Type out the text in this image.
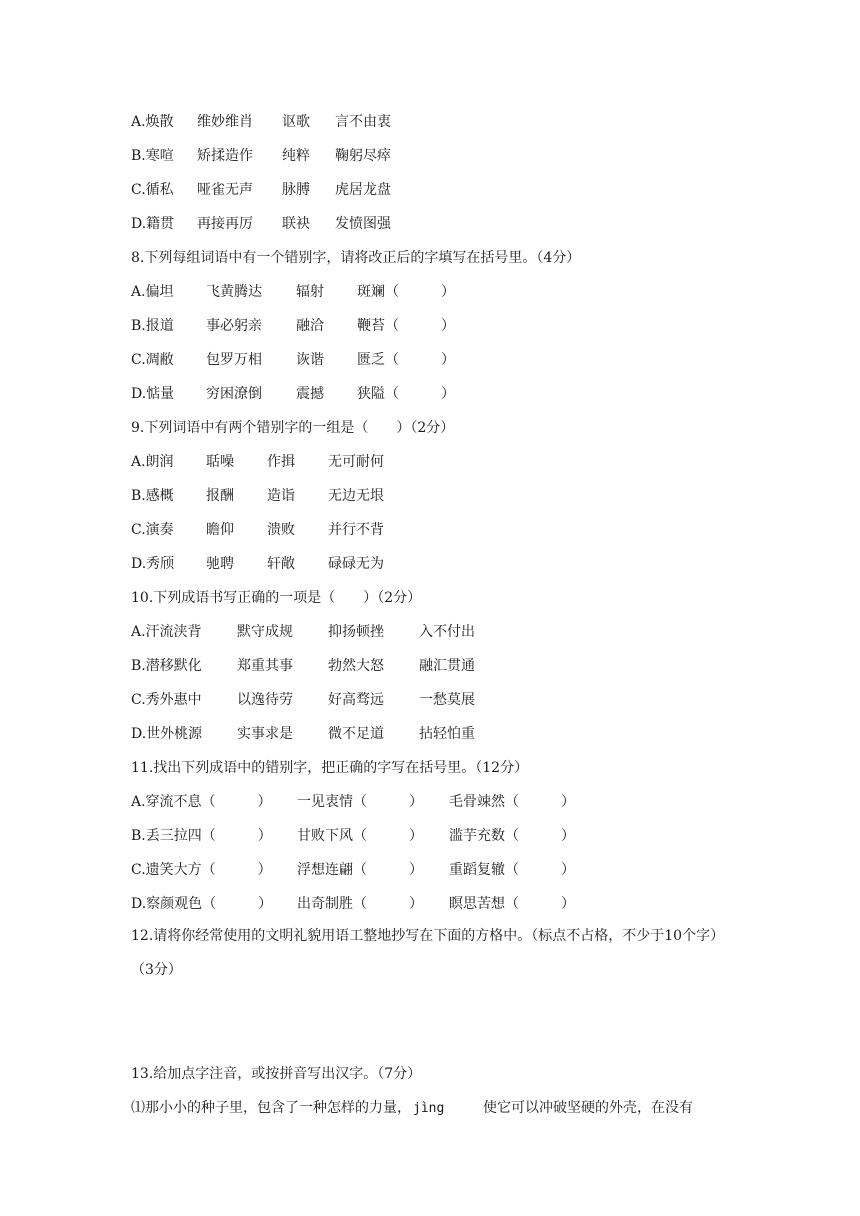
A.焕散 维妙维肖 讴歌 言不由衷
B.寒喧 矫揉造作 纯粹 鞠躬尽瘁
C.循私 哑雀无声 脉膊 虎居龙盘
D.籍贯 再接再厉 联袂 发愤图强
8.下列每组词语中有一个错别字，请将改正后的字填写在括号里。（4分）
A.偏坦 飞黄腾达 辐射 斑斓（　　　）
B.报道 事必躬亲 融洽 鞭苔（　　　）
C.凋敝 包罗万相 诙谐 匮乏（　　　）
D.惦量 穷困潦倒 震撼 狭隘（　　　）
9.下列词语中有两个错别字的一组是（　　）（2分）
A.朗润 聒噪 作揖 无可耐何
B.感概 报酬 造诣 无边无垠
C.演奏 瞻仰 溃败 并行不背
D.秀颀 驰聘 轩敞 碌碌无为
10.下列成语书写正确的一项是（　　）（2分）
A.汗流浃背	默守成规	抑扬顿挫	入不付出
B.潜移默化	郑重其事	勃然大怒	融汇贯通
C.秀外惠中	以逸待劳	好高骛远	一愁莫展
D.世外桃源 实事求是	微不足道	拈轻怕重
11.找出下列成语中的错别字，把正确的字写在括号里。（12分）
A.穿流不息（　　　） 一见衷情（　　　） 毛骨竦然（　　　）
B.丢三拉四（　　　） 甘败下风（　　　） 滥芋充数（　　　）
C.遗笑大方（　　　） 浮想连翩（　　　） 重蹈复辙（　　　）
D.察颜观色（　　　） 出奇制胜（　　　） 瞑思苦想（　　　）
12.请将你经常使用的文明礼貌用语工整地抄写在下面的方格中。（标点不占格，不少于10个字）（3分）
13.给加点字注音，或按拼音写出汉字。（7分）
⑴那小小的种子里，包含了一种怎样的力量， jìng	使它可以冲破坚硬的外壳，在没有
